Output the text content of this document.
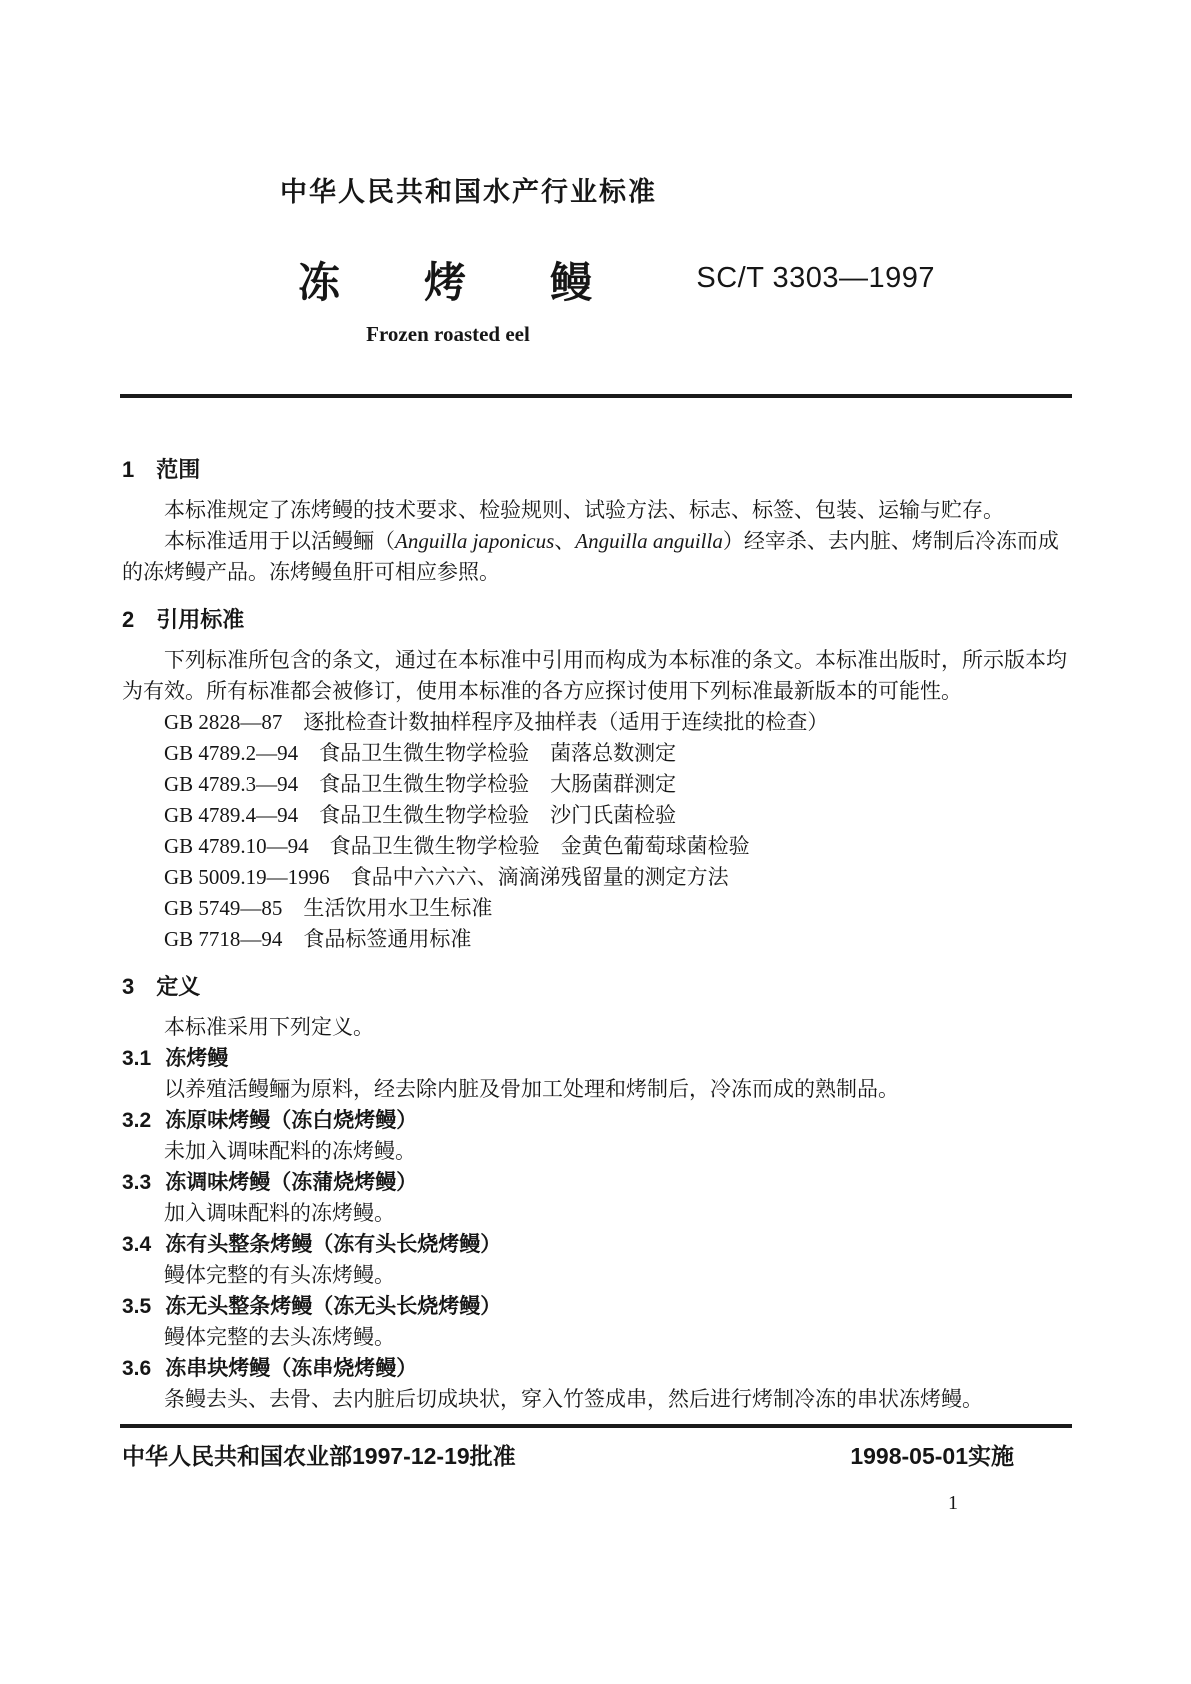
中华人民共和国水产行业标准
冻　　烤　　鳗	SC/T 3303—1997
Frozen roasted eel
1　范围

本标准规定了冻烤鳗的技术要求、检验规则、试验方法、标志、标签、包装、运输与贮存。

本标准适用于以活鳗鲡（Anguilla japonicus、Anguilla anguilla）经宰杀、去内脏、烤制后冷冻而成的冻烤鳗产品。冻烤鳗鱼肝可相应参照。

2　引用标准

下列标准所包含的条文，通过在本标准中引用而构成为本标准的条文。本标准出版时，所示版本均为有效。所有标准都会被修订，使用本标准的各方应探讨使用下列标准最新版本的可能性。

GB 2828—87　逐批检查计数抽样程序及抽样表（适用于连续批的检查）

GB 4789.2—94　食品卫生微生物学检验　菌落总数测定

GB 4789.3—94　食品卫生微生物学检验　大肠菌群测定

GB 4789.4—94　食品卫生微生物学检验　沙门氏菌检验

GB 4789.10—94　食品卫生微生物学检验　金黄色葡萄球菌检验

GB 5009.19—1996　食品中六六六、滴滴涕残留量的测定方法

GB 5749—85　生活饮用水卫生标准

GB 7718—94　食品标签通用标准

3　定义

本标准采用下列定义。

3.1 冻烤鳗

以养殖活鳗鲡为原料，经去除内脏及骨加工处理和烤制后，冷冻而成的熟制品。

3.2 冻原味烤鳗（冻白烧烤鳗）

未加入调味配料的冻烤鳗。

3.3 冻调味烤鳗（冻蒲烧烤鳗）

加入调味配料的冻烤鳗。

3.4 冻有头整条烤鳗（冻有头长烧烤鳗）

鳗体完整的有头冻烤鳗。

3.5 冻无头整条烤鳗（冻无头长烧烤鳗）

鳗体完整的去头冻烤鳗。

3.6 冻串块烤鳗（冻串烧烤鳗）

条鳗去头、去骨、去内脏后切成块状，穿入竹签成串，然后进行烤制冷冻的串状冻烤鳗。

中华人民共和国农业部1997-12-19批准	1998-05-01实施
1
